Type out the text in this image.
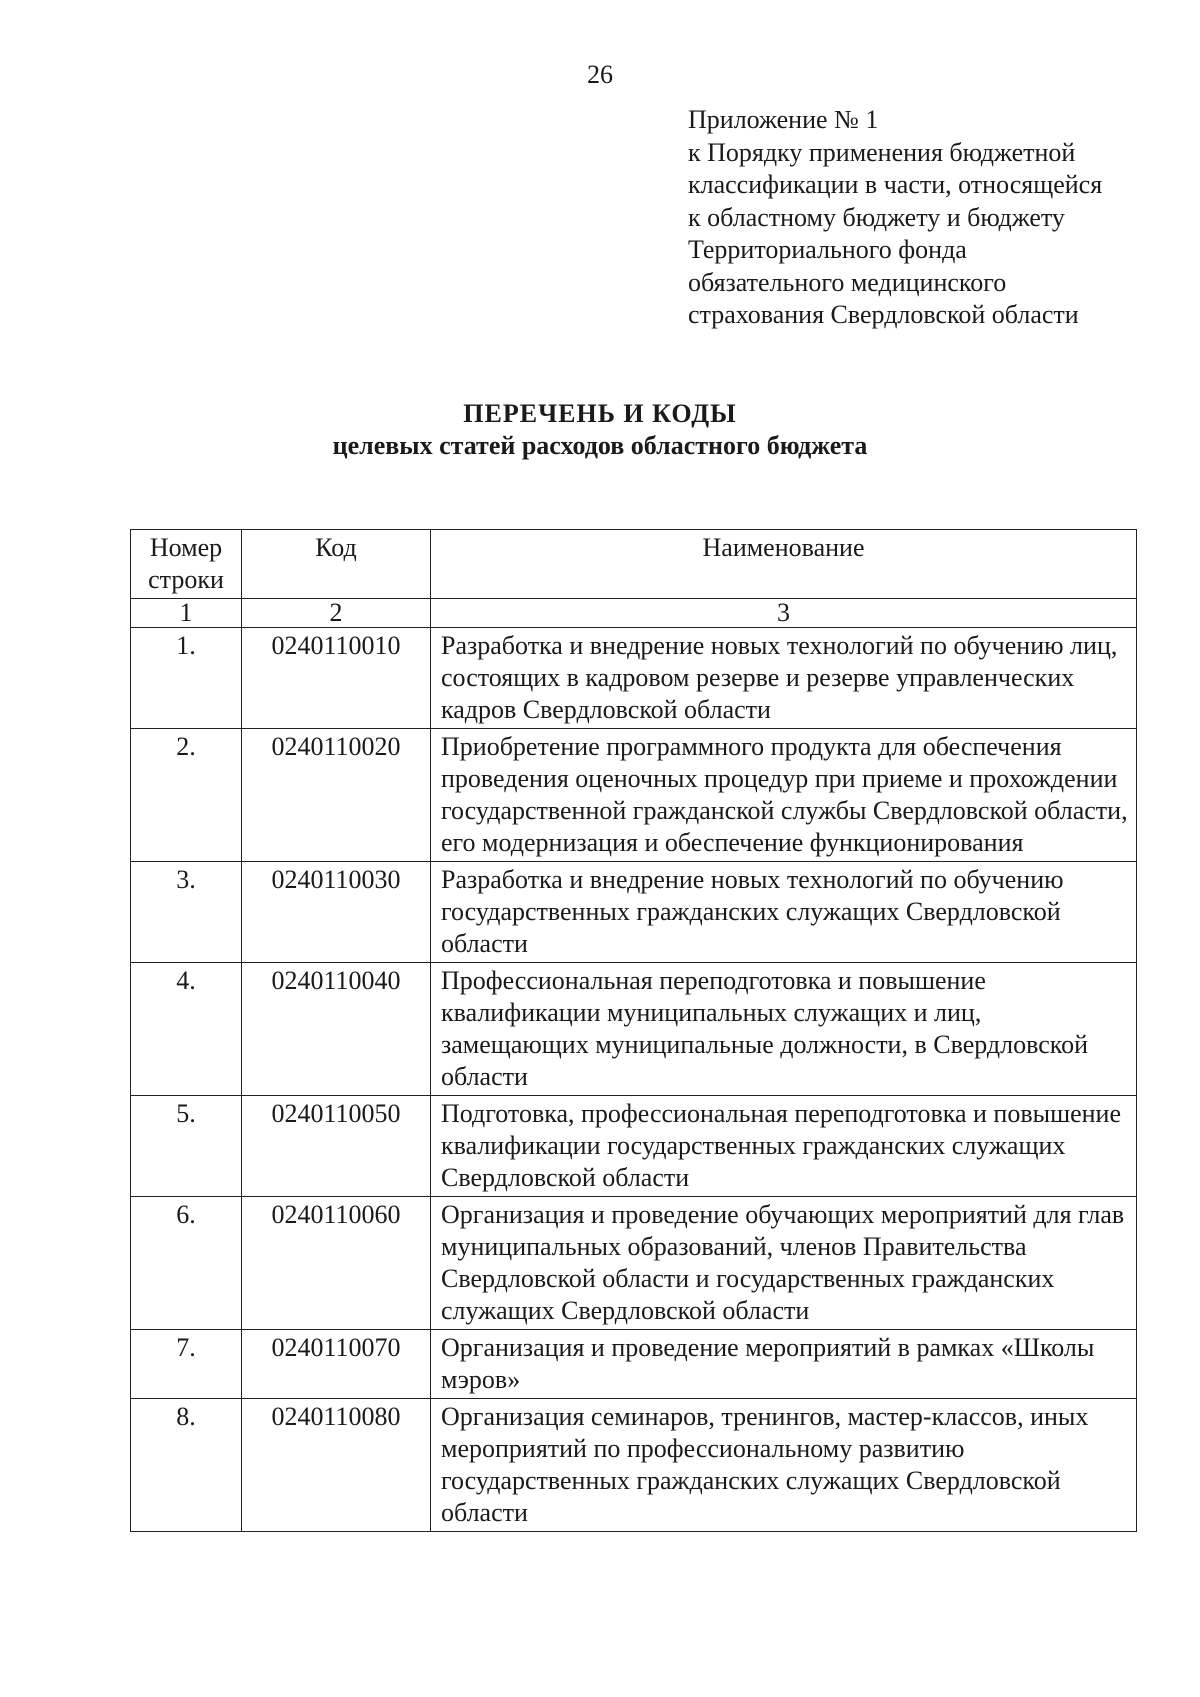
26
Приложение № 1
к Порядку применения бюджетной
классификации в части, относящейся
к областному бюджету и бюджету
Территориального фонда
обязательного медицинского
страхования Свердловской области
ПЕРЕЧЕНЬ И КОДЫ
целевых статей расходов областного бюджета
Номер строки	Код	Наименование
1	2	3
1.	0240110010	Разработка и внедрение новых технологий по обучению лиц, состоящих в кадровом резерве и резерве управленческих кадров Свердловской области
2.	0240110020	Приобретение программного продукта для обеспечения проведения оценочных процедур при приеме и прохождении государственной гражданской службы Свердловской области, его модернизация и обеспечение функционирования
3.	0240110030	Разработка и внедрение новых технологий по обучению государственных гражданских служащих Свердловской области
4.	0240110040	Профессиональная переподготовка и повышение квалификации муниципальных служащих и лиц, замещающих муниципальные должности, в Свердловской области
5.	0240110050	Подготовка, профессиональная переподготовка и повышение квалификации государственных гражданских служащих Свердловской области
6.	0240110060	Организация и проведение обучающих мероприятий для глав муниципальных образований, членов Правительства Свердловской области и государственных гражданских служащих Свердловской области
7.	0240110070	Организация и проведение мероприятий в рамках «Школы мэров»
8.	0240110080	Организация семинаров, тренингов, мастер-классов, иных мероприятий по профессиональному развитию государственных гражданских служащих Свердловской области
